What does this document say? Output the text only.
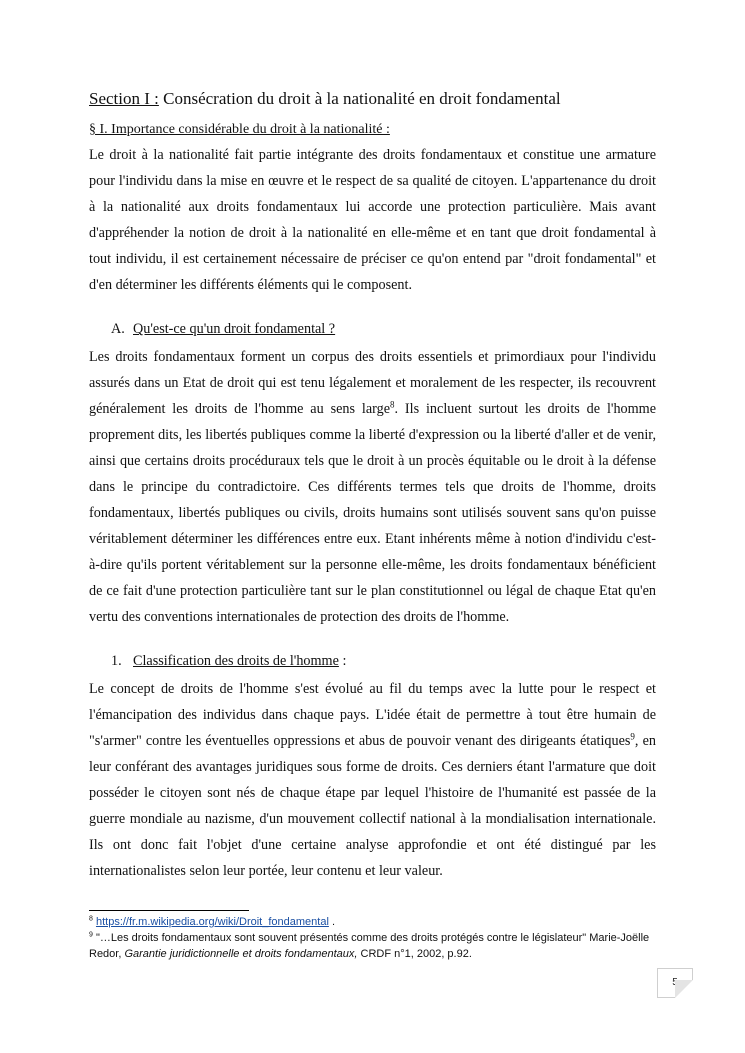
Section I : Consécration du droit à la nationalité en droit fondamental
§ I. Importance considérable du droit à la nationalité :

Le droit à la nationalité fait partie intégrante des droits fondamentaux et constitue une armature pour l'individu dans la mise en œuvre et le respect de sa qualité de citoyen. L'appartenance du droit à la nationalité aux droits fondamentaux lui accorde une protection particulière. Mais avant d'appréhender la notion de droit à la nationalité en elle-même et en tant que droit fondamental à tout individu, il est certainement nécessaire de préciser ce qu'on entend par "droit fondamental" et d'en déterminer les différents éléments qui le composent.

A. Qu'est-ce qu'un droit fondamental ?

Les droits fondamentaux forment un corpus des droits essentiels et primordiaux pour l'individu assurés dans un Etat de droit qui est tenu légalement et moralement de les respecter, ils recouvrent généralement les droits de l'homme au sens large$^8$. Ils incluent surtout les droits de l'homme proprement dits, les libertés publiques comme la liberté d'expression ou la liberté d'aller et de venir, ainsi que certains droits procéduraux tels que le droit à un procès équitable ou le droit à la défense dans le principe du contradictoire. Ces différents termes tels que droits de l'homme, droits fondamentaux, libertés publiques ou civils, droits humains sont utilisés souvent sans qu'on puisse véritablement déterminer les différences entre eux. Etant inhérents même à notion d'individu c'est-à-dire qu'ils portent véritablement sur la personne elle-même, les droits fondamentaux bénéficient de ce fait d'une protection particulière tant sur le plan constitutionnel ou légal de chaque Etat qu'en vertu des conventions internationales de protection des droits de l'homme.

1. Classification des droits de l'homme :

Le concept de droits de l'homme s'est évolué au fil du temps avec la lutte pour le respect et l'émancipation des individus dans chaque pays. L'idée était de permettre à tout être humain de "s'armer" contre les éventuelles oppressions et abus de pouvoir venant des dirigeants étatiques$^9$, en leur conférant des avantages juridiques sous forme de droits. Ces derniers étant l'armature que doit posséder le citoyen sont nés de chaque étape par lequel l'histoire de l'humanité est passée de la guerre mondiale au nazisme, d'un mouvement collectif national à la mondialisation internationale. Ils ont donc fait l'objet d'une certaine analyse approfondie et ont été distingué par les internationalistes selon leur portée, leur contenu et leur valeur.

$^8$ https://fr.m.wikipedia.org/wiki/Droit_fondamental .

$^9$ "…Les droits fondamentaux sont souvent présentés comme des droits protégés contre le législateur" Marie-Joëlle Redor, Garantie juridictionnelle et droits fondamentaux, CRDF n°1, 2002, p.92.

5
